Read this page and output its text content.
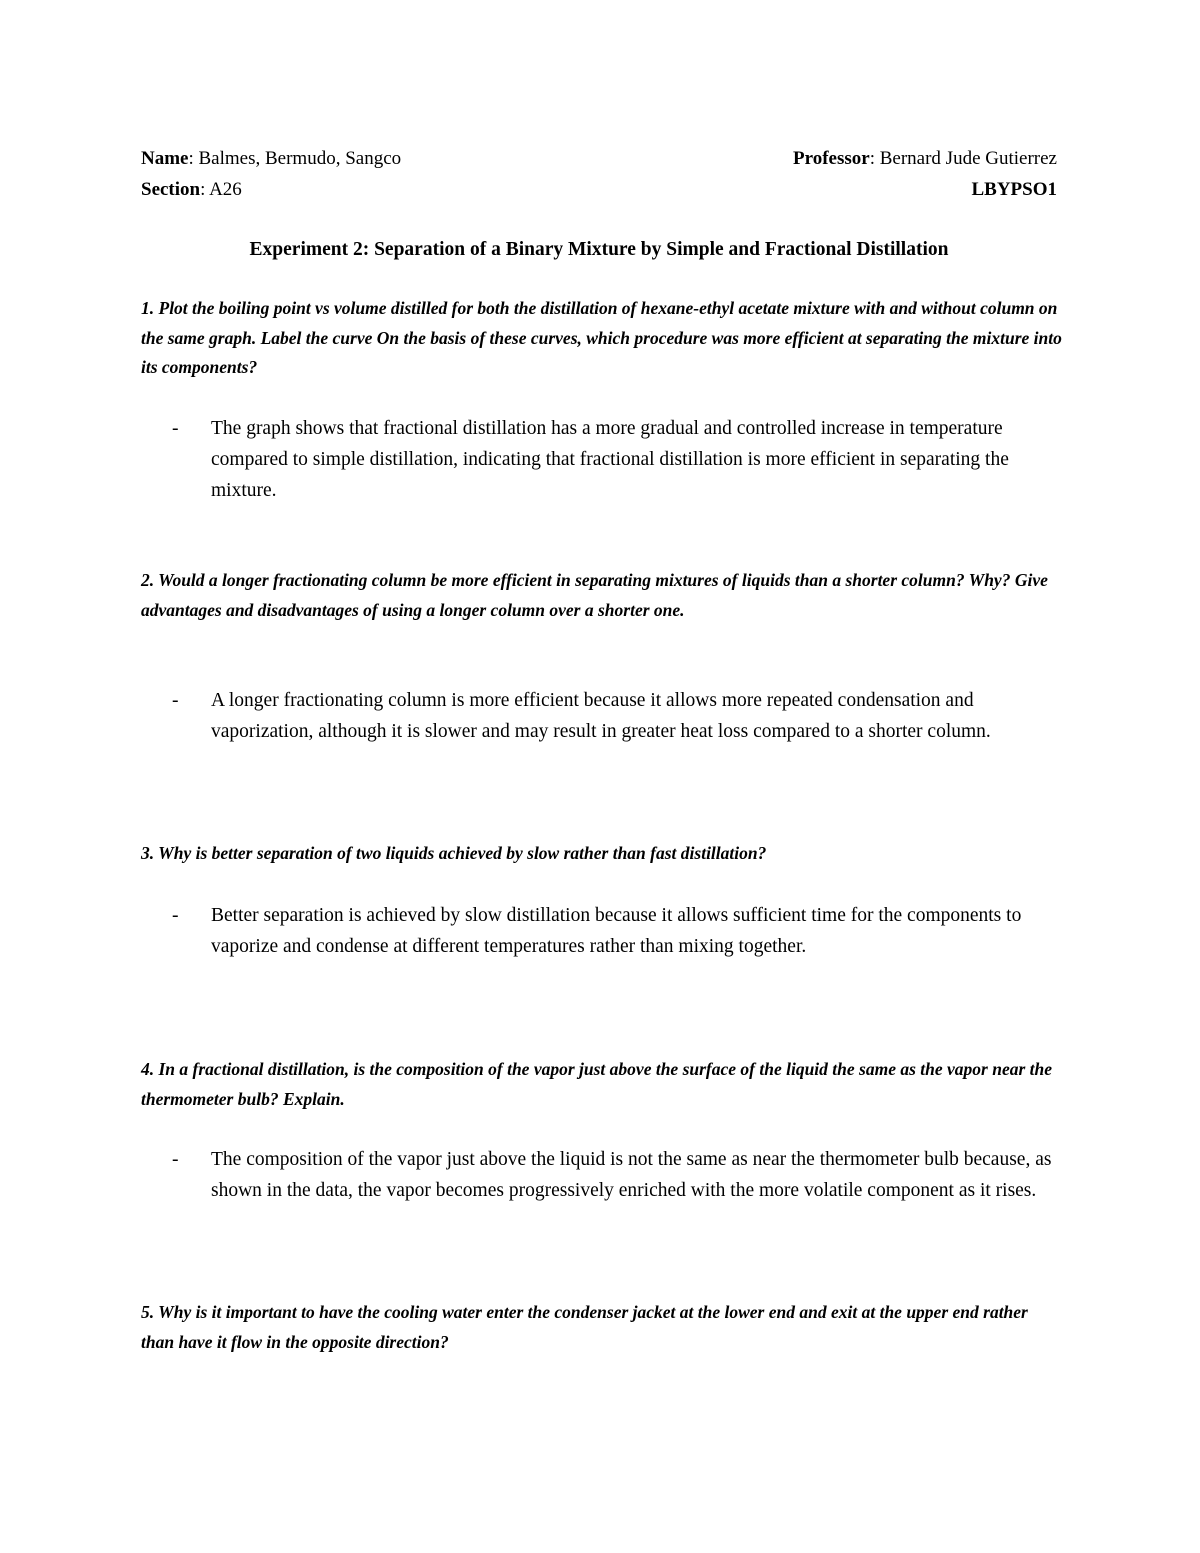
Name: Balmes, Bermudo, Sangco	Professor: Bernard Jude Gutierrez
Section: A26	LBYPSO1
Experiment 2: Separation of a Binary Mixture by Simple and Fractional Distillation
1. Plot the boiling point vs volume distilled for both the distillation of hexane-ethyl acetate mixture with and without column on the same graph. Label the curve On the basis of these curves, which procedure was more efficient at separating the mixture into its components?
-	The graph shows that fractional distillation has a more gradual and controlled increase in temperature compared to simple distillation, indicating that fractional distillation is more efficient in separating the mixture.
2. Would a longer fractionating column be more efficient in separating mixtures of liquids than a shorter column? Why? Give advantages and disadvantages of using a longer column over a shorter one.
-	A longer fractionating column is more efficient because it allows more repeated condensation and vaporization, although it is slower and may result in greater heat loss compared to a shorter column.
3. Why is better separation of two liquids achieved by slow rather than fast distillation?
-	Better separation is achieved by slow distillation because it allows sufficient time for the components to vaporize and condense at different temperatures rather than mixing together.
4. In a fractional distillation, is the composition of the vapor just above the surface of the liquid the same as the vapor near the thermometer bulb? Explain.
-	The composition of the vapor just above the liquid is not the same as near the thermometer bulb because, as shown in the data, the vapor becomes progressively enriched with the more volatile component as it rises.
5. Why is it important to have the cooling water enter the condenser jacket at the lower end and exit at the upper end rather than have it flow in the opposite direction?
